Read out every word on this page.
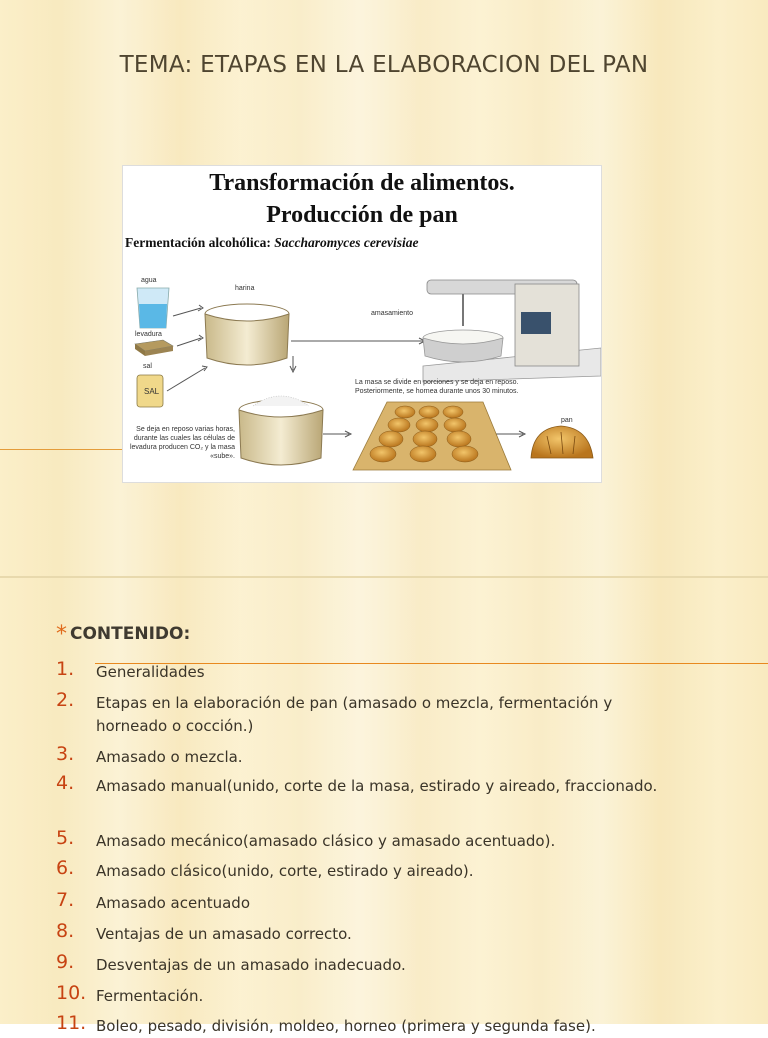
TEMA: ETAPAS EN LA ELABORACION DEL PAN
Transformación de alimentos.
Producción de pan
Fermentación alcohólica: Saccharomyces cerevisiae
agua
levadura
sal
SAL
harina
amasamiento
pan
La masa se divide en porciones y se deja en reposo. Posteriormente, se hornea durante unos 30 minutos.
Se deja en reposo varias horas, durante las cuales las células de levadura producen CO₂ y la masa «sube».
* CONTENIDO:
1. Generalidades
2. Etapas en la elaboración de pan (amasado o mezcla, fermentación y horneado o cocción.)
3. Amasado o mezcla.
4. Amasado manual(unido, corte de la masa, estirado y aireado, fraccionado.
5. Amasado mecánico(amasado clásico y amasado acentuado).
6. Amasado clásico(unido, corte, estirado y aireado).
7. Amasado acentuado
8. Ventajas de un amasado correcto.
9. Desventajas de un amasado inadecuado.
10. Fermentación.
11. Boleo, pesado, división, moldeo, horneo (primera y segunda fase).
